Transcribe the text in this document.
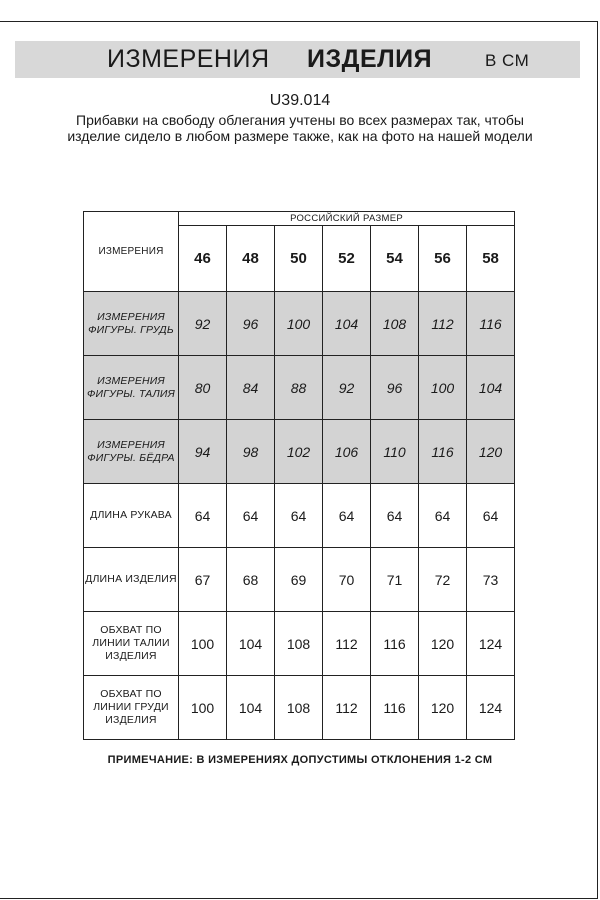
ИЗМЕРЕНИЯ ИЗДЕЛИЯ	В СМ
U39.014
Прибавки на свободу облегания учтены во всех размерах так, чтобы изделие сидело в любом размере также, как на фото на нашей модели
ИЗМЕРЕНИЯ	РОССИЙСКИЙ РАЗМЕР						
	46	48	50	52	54	56	58
ИЗМЕРЕНИЯ ФИГУРЫ. ГРУДЬ	92	96	100	104	108	112	116
ИЗМЕРЕНИЯ ФИГУРЫ. ТАЛИЯ	80	84	88	92	96	100	104
ИЗМЕРЕНИЯ ФИГУРЫ. БЁДРА	94	98	102	106	110	116	120
ДЛИНА РУКАВА	64	64	64	64	64	64	64
ДЛИНА ИЗДЕЛИЯ	67	68	69	70	71	72	73
ОБХВАТ ПО ЛИНИИ ТАЛИИ ИЗДЕЛИЯ	100	104	108	112	116	120	124
ОБХВАТ ПО ЛИНИИ ГРУДИ ИЗДЕЛИЯ	100	104	108	112	116	120	124
ПРИМЕЧАНИЕ: В ИЗМЕРЕНИЯХ ДОПУСТИМЫ ОТКЛОНЕНИЯ 1-2 СМ
